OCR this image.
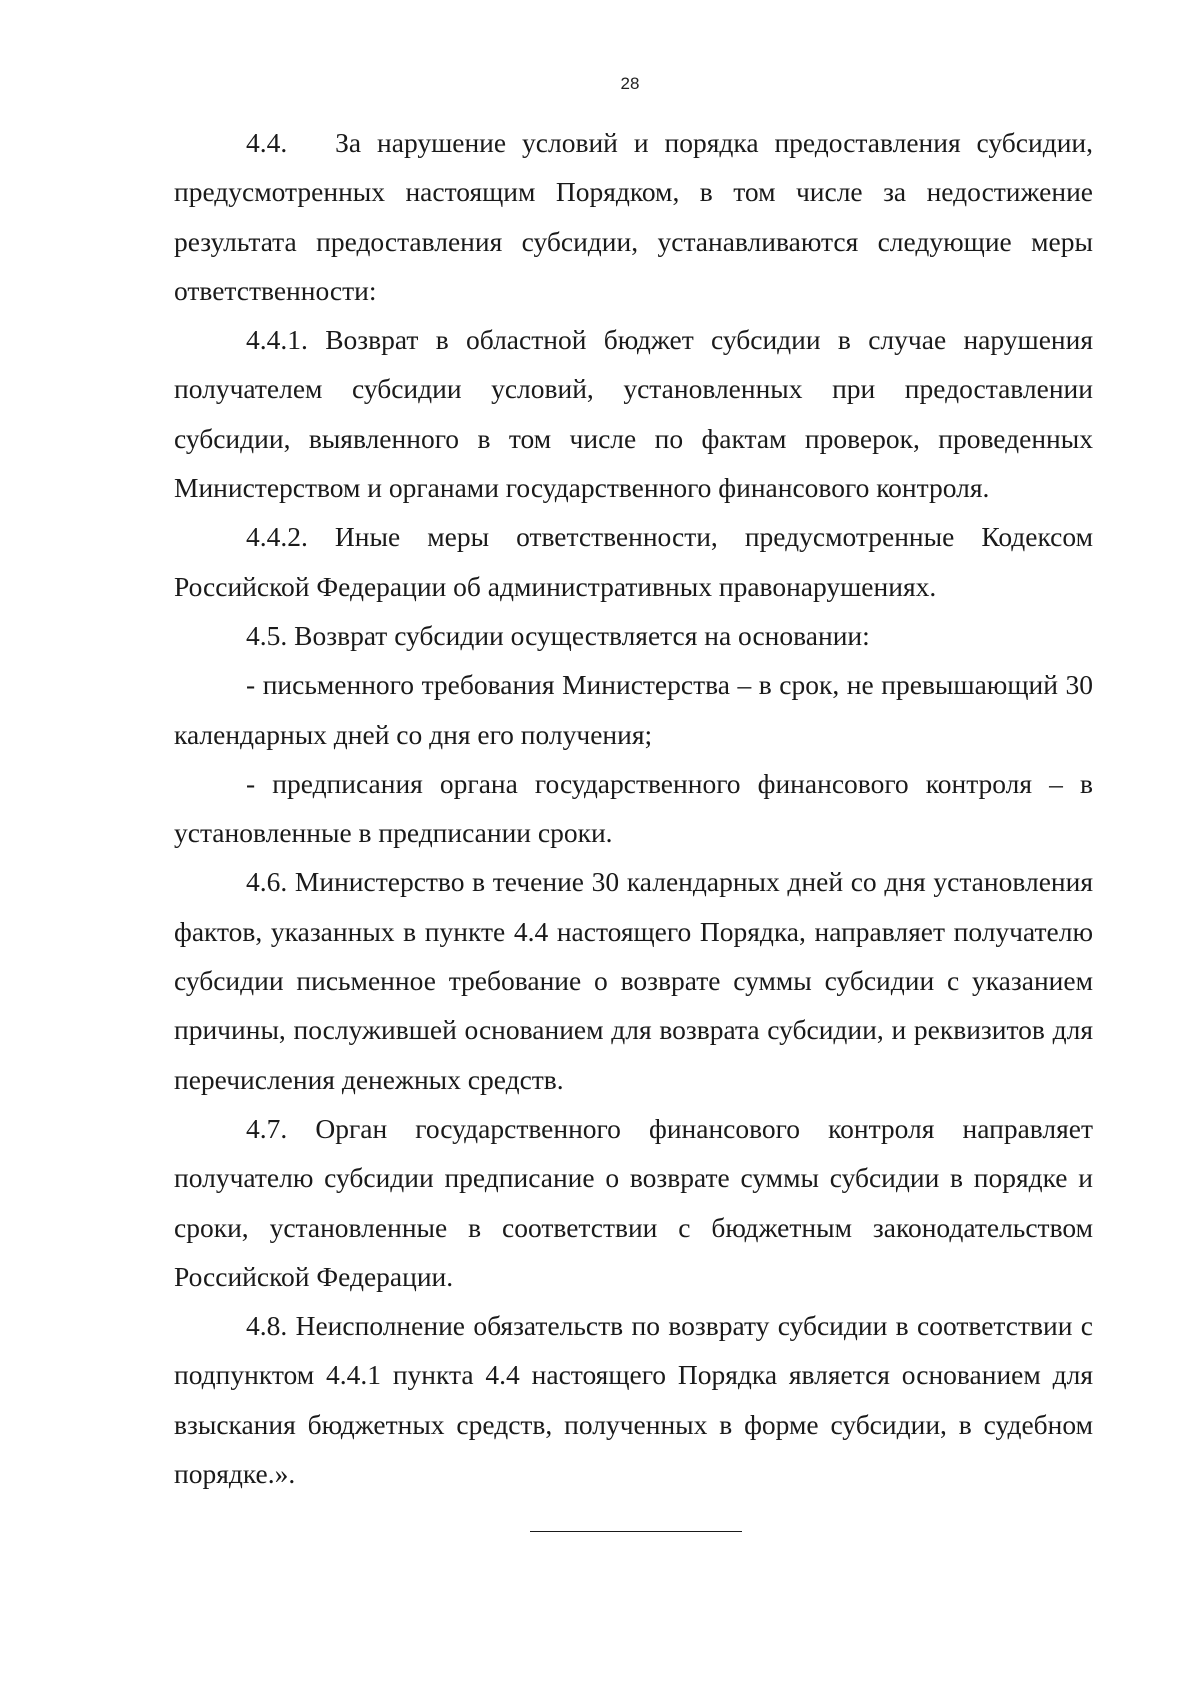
28

4.4.   За нарушение условий и порядка предоставления субсидии, предусмотренных настоящим Порядком, в том числе за недостижение результата предоставления субсидии, устанавливаются следующие меры ответственности:

4.4.1. Возврат в областной бюджет субсидии в случае нарушения получателем субсидии условий, установленных при предоставлении субсидии, выявленного в том числе по фактам проверок, проведенных Министерством и органами государственного финансового контроля.

4.4.2. Иные меры ответственности, предусмотренные Кодексом Российской Федерации об административных правонарушениях.

4.5. Возврат субсидии осуществляется на основании:

- письменного требования Министерства – в срок, не превышающий 30 календарных дней со дня его получения;

- предписания органа государственного финансового контроля – в установленные в предписании сроки.

4.6. Министерство в течение 30 календарных дней со дня установления фактов, указанных в пункте 4.4 настоящего Порядка, направляет получателю субсидии письменное требование о возврате суммы субсидии с указанием причины, послужившей основанием для возврата субсидии, и реквизитов для перечисления денежных средств.

4.7. Орган государственного финансового контроля направляет получателю субсидии предписание о возврате суммы субсидии в порядке и сроки, установленные в соответствии с бюджетным законодательством Российской Федерации.

4.8. Неисполнение обязательств по возврату субсидии в соответствии с подпунктом 4.4.1 пункта 4.4 настоящего Порядка является основанием для взыскания бюджетных средств, полученных в форме субсидии, в судебном порядке.».
